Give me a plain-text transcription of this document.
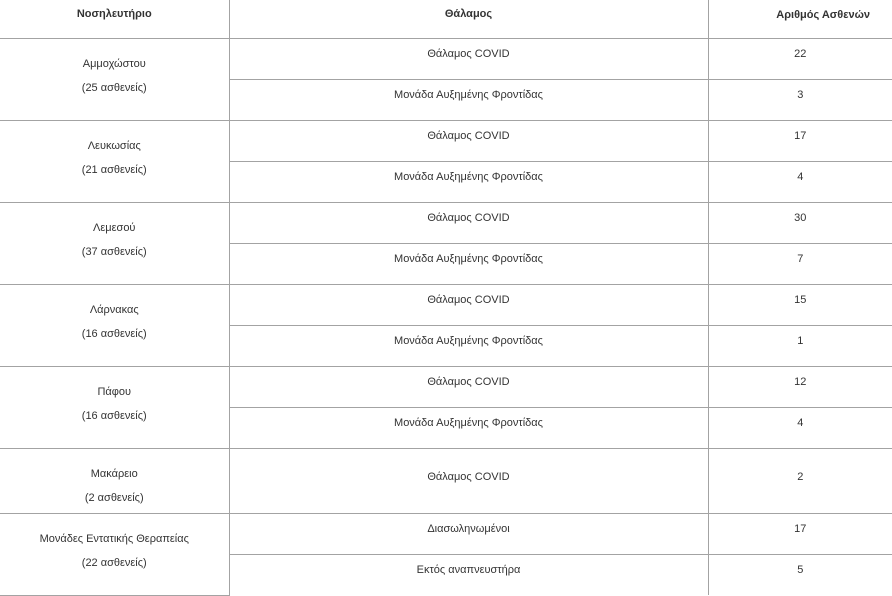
Νοσηλευτήριο	Θάλαμος	Αριθμός Ασθενών

Αμμοχώστου
(25 ασθενείς)	Θάλαμος COVID	22
	Μονάδα Αυξημένης Φροντίδας	3

Λευκωσίας
(21 ασθενείς)	Θάλαμος COVID	17
	Μονάδα Αυξημένης Φροντίδας	4

Λεμεσού
(37 ασθενείς)	Θάλαμος COVID	30
	Μονάδα Αυξημένης Φροντίδας	7

Λάρνακας
(16 ασθενείς)	Θάλαμος COVID	15
	Μονάδα Αυξημένης Φροντίδας	1

Πάφου
(16 ασθενείς)	Θάλαμος COVID	12
	Μονάδα Αυξημένης Φροντίδας	4

Μακάρειο
(2 ασθενείς)	Θάλαμος COVID	2

Μονάδες Εντατικής Θεραπείας
(22 ασθενείς)	Διασωληνωμένοι	17
	Εκτός αναπνευστήρα	5
